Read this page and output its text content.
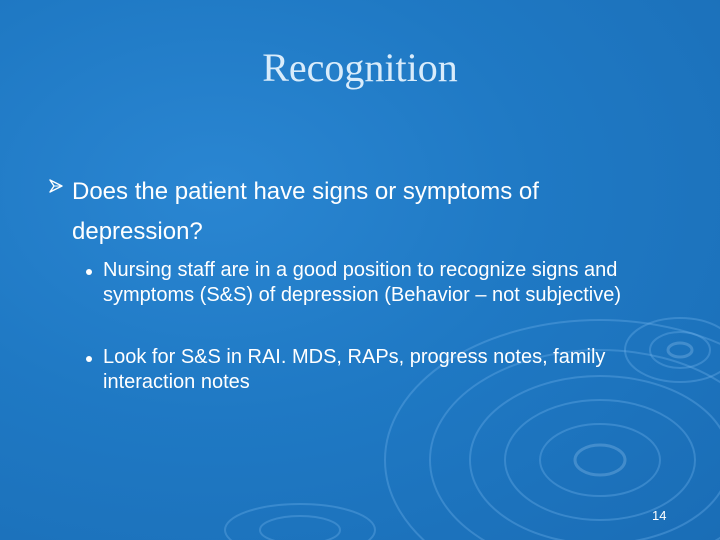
Recognition
Does the patient have signs or symptoms of depression?
Nursing staff are in a good position to recognize signs and symptoms (S&S) of depression (Behavior – not subjective)
Look for S&S in RAI. MDS, RAPs, progress notes, family interaction notes
14
